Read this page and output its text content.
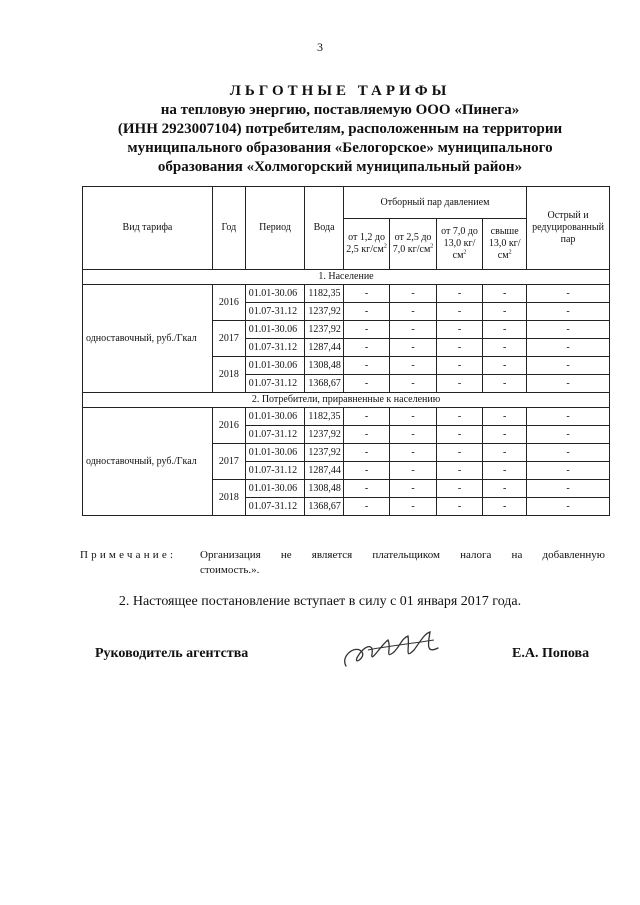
3
ЛЬГОТНЫЕ ТАРИФЫ
на тепловую энергию, поставляемую ООО «Пинега»
(ИНН 2923007104) потребителям, расположенным на территории
муниципального образования «Белогорское» муниципального
образования «Холмогорский муниципальный район»
Вид тарифа	Год	Период	Вода	Отборный пар давлением				Острый и редуцированный пар
				от 1,2 до 2,5 $кг/см^2$	от 2,5 до 7,0 $кг/см^2$	от 7,0 до 13,0 $кг/см^2$	свыше 13,0 $кг/см^2$
1. Население								
одноставочный, руб./Гкал	2016	01.01-30.06	1182,35	-	-	-	-	-
		01.07-31.12	1237,92	-	-	-	-	-
	2017	01.01-30.06	1237,92	-	-	-	-	-
		01.07-31.12	1287,44	-	-	-	-	-
	2018	01.01-30.06	1308,48	-	-	-	-	-
		01.07-31.12	1368,67	-	-	-	-	-
2. Потребители, приравненные к населению								
одноставочный, руб./Гкал	2016	01.01-30.06	1182,35	-	-	-	-	-
		01.07-31.12	1237,92	-	-	-	-	-
	2017	01.01-30.06	1237,92	-	-	-	-	-
		01.07-31.12	1287,44	-	-	-	-	-
	2018	01.01-30.06	1308,48	-	-	-	-	-
		01.07-31.12	1368,67	-	-	-	-	-
Примечание: Организация не является плательщиком налога на добавленную
стоимость.».
2. Настоящее постановление вступает в силу с 01 января 2017 года.
Руководитель агентства	Е.А. Попова
